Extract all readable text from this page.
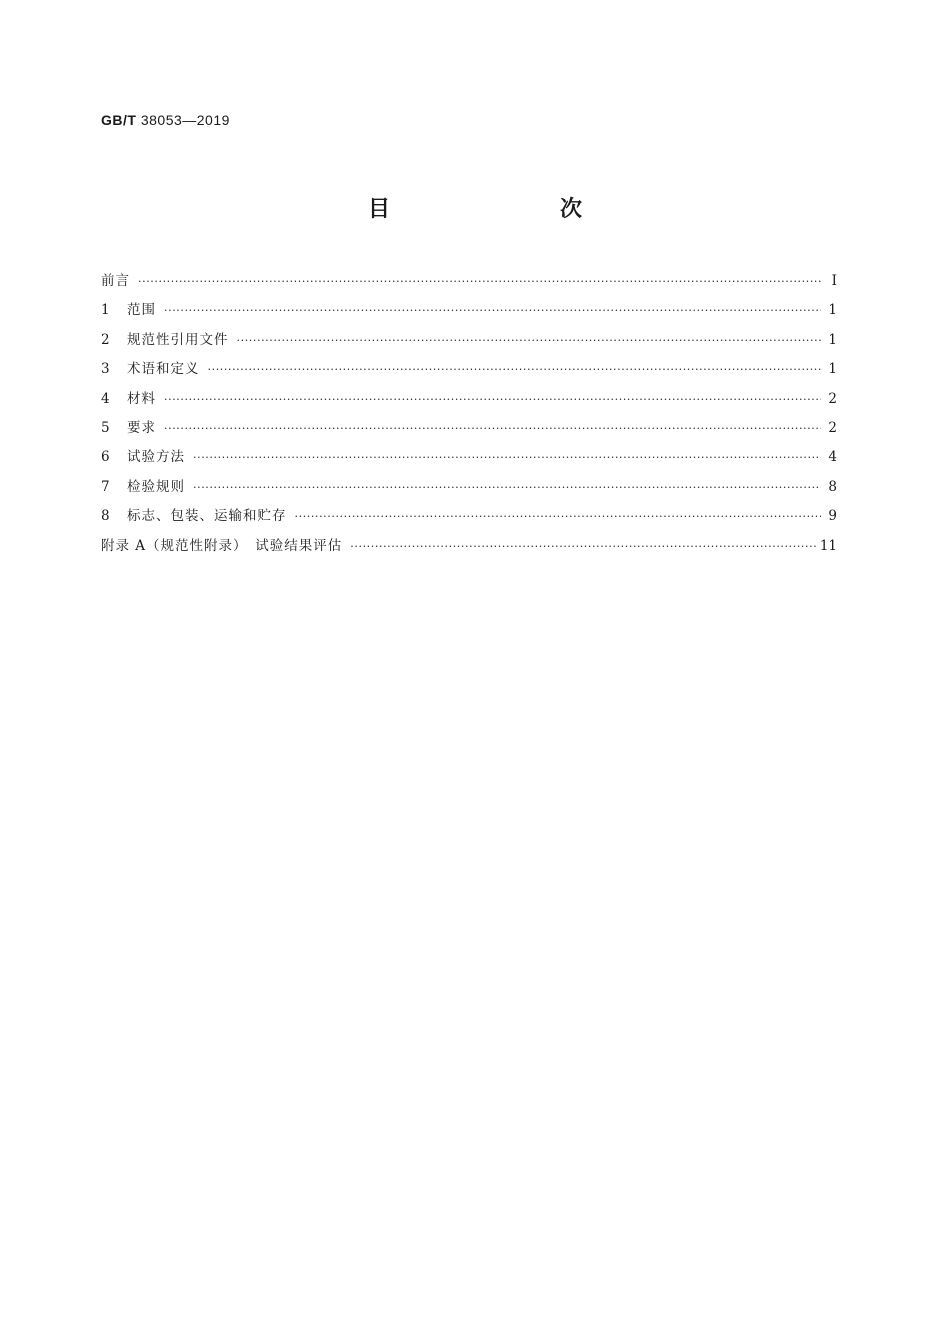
GB/T 38053—2019
目　　次
前言 ·····	Ⅰ
1	范围 ·····	1
2	规范性引用文件 ·····	1
3	术语和定义 ·····	1
4	材料 ·····	2
5	要求 ·····	2
6	试验方法 ·····	4
7	检验规则 ·····	8
8	标志、包装、运输和贮存 ·····	9
附录 A（规范性附录）　试验结果评估 ·····	11
